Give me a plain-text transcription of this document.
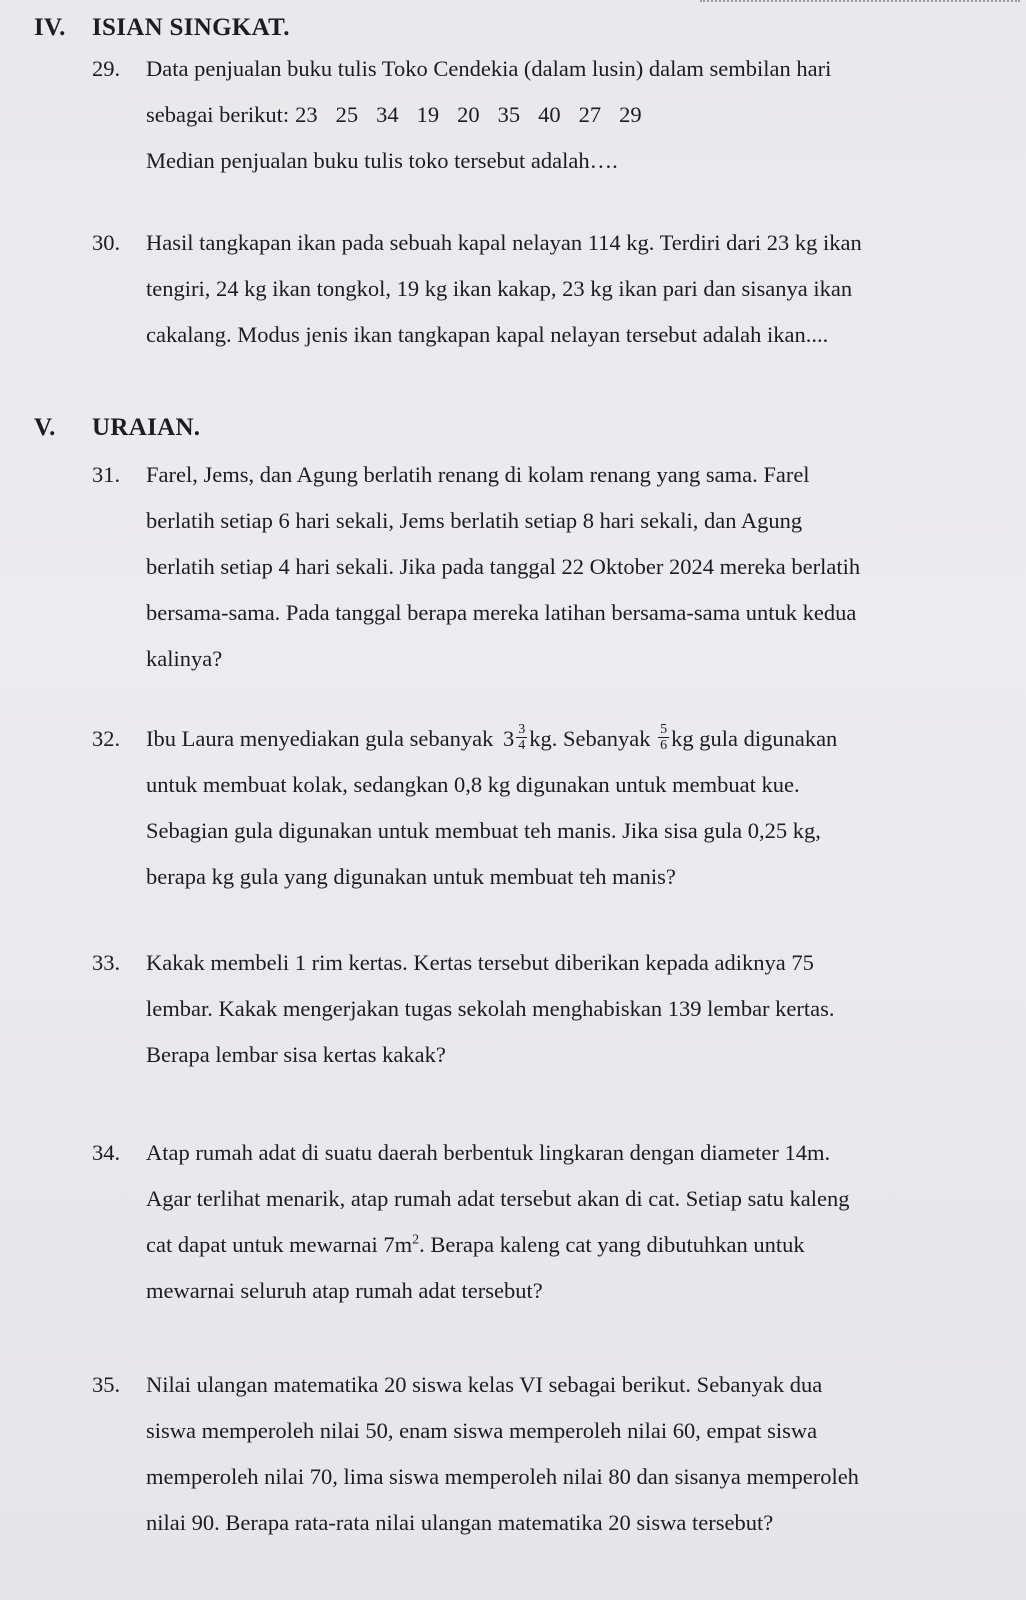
IV. ISIAN SINGKAT.
29. Data penjualan buku tulis Toko Cendekia (dalam lusin) dalam sembilan hari
sebagai berikut: 23 25 34 19 20 35 40 27 29
Median penjualan buku tulis toko tersebut adalah….
30. Hasil tangkapan ikan pada sebuah kapal nelayan 114 kg. Terdiri dari 23 kg ikan
tengiri, 24 kg ikan tongkol, 19 kg ikan kakap, 23 kg ikan pari dan sisanya ikan
cakalang. Modus jenis ikan tangkapan kapal nelayan tersebut adalah ikan....
V. URAIAN.
31. Farel, Jems, dan Agung berlatih renang di kolam renang yang sama. Farel
berlatih setiap 6 hari sekali, Jems berlatih setiap 8 hari sekali, dan Agung
berlatih setiap 4 hari sekali. Jika pada tanggal 22 Oktober 2024 mereka berlatih
bersama-sama. Pada tanggal berapa mereka latihan bersama-sama untuk kedua
kalinya?
32. Ibu Laura menyediakan gula sebanyak $3 \frac{3}{4}$ kg. Sebanyak $\frac{5}{6}$ kg gula digunakan
untuk membuat kolak, sedangkan 0,8 kg digunakan untuk membuat kue.
Sebagian gula digunakan untuk membuat teh manis. Jika sisa gula 0,25 kg,
berapa kg gula yang digunakan untuk membuat teh manis?
33. Kakak membeli 1 rim kertas. Kertas tersebut diberikan kepada adiknya 75
lembar. Kakak mengerjakan tugas sekolah menghabiskan 139 lembar kertas.
Berapa lembar sisa kertas kakak?
34. Atap rumah adat di suatu daerah berbentuk lingkaran dengan diameter 14m.
Agar terlihat menarik, atap rumah adat tersebut akan di cat. Setiap satu kaleng
cat dapat untuk mewarnai $7m^2$. Berapa kaleng cat yang dibutuhkan untuk
mewarnai seluruh atap rumah adat tersebut?
35. Nilai ulangan matematika 20 siswa kelas VI sebagai berikut. Sebanyak dua
siswa memperoleh nilai 50, enam siswa memperoleh nilai 60, empat siswa
memperoleh nilai 70, lima siswa memperoleh nilai 80 dan sisanya memperoleh
nilai 90. Berapa rata-rata nilai ulangan matematika 20 siswa tersebut?
